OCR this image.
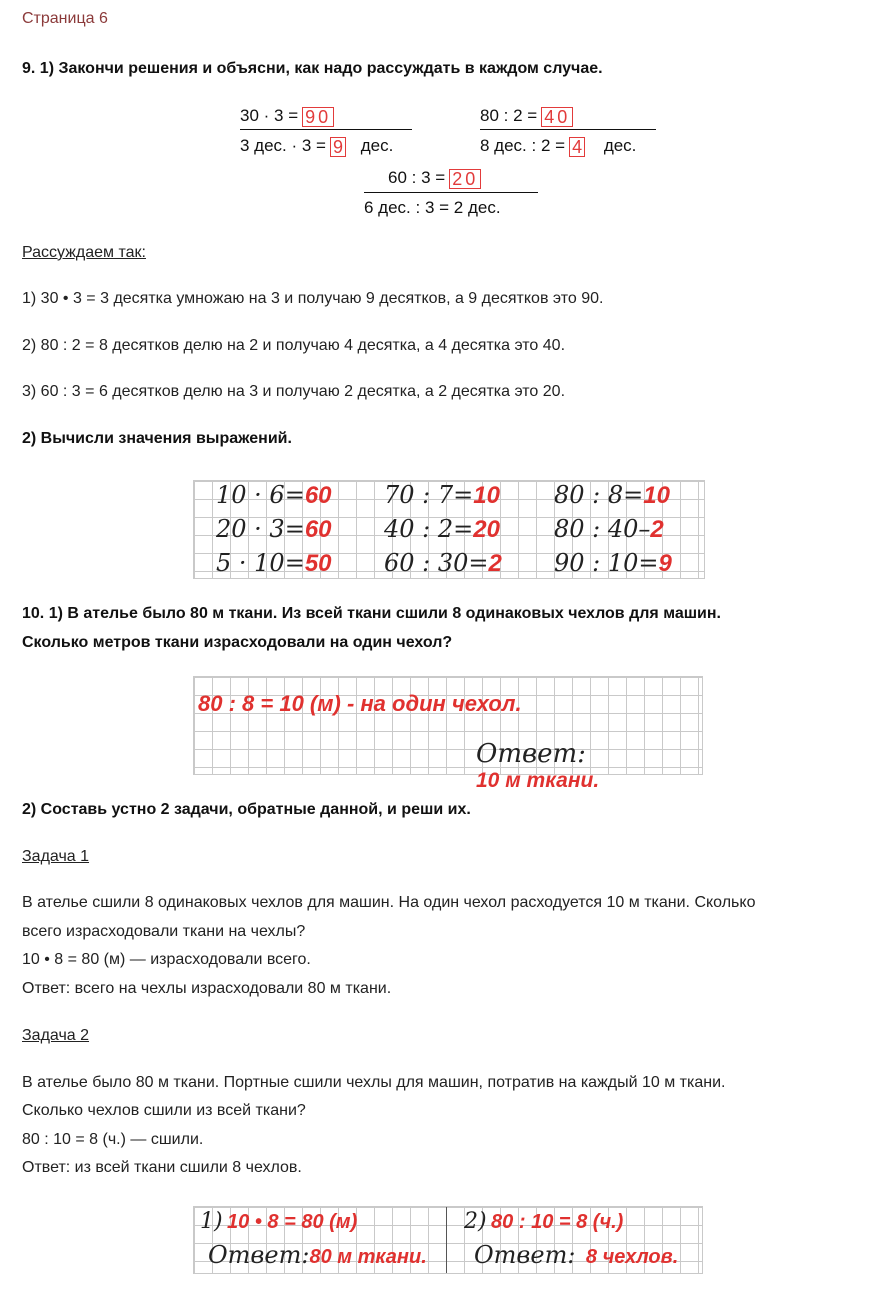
Страница 6
9. 1) Закончи решения и объясни, как надо рассуждать в каждом случае.
30 · 3 = 90
3 дес. · 3 = 9 дес.
80 : 2 = 40
8 дес. : 2 = 4 дес.
60 : 3 = 20
6 дес. : 3 = 2 дес.
Рассуждаем так:
1) 30 • 3 = 3 десятка умножаю на 3 и получаю 9 десятков, а 9 десятков это 90.
2) 80 : 2 = 8 десятков делю на 2 и получаю 4 десятка, а 4 десятка это 40.
3) 60 : 3 = 6 десятков делю на 3 и получаю 2 десятка, а 2 десятка это 20.
2) Вычисли значения выражений.
10 · 6=60
20 · 3=60
5 · 10=50
70 : 7=10
40 : 2=20
60 : 30=2
80 : 8=10
80 : 40–2
90 : 10=9
10. 1) В ателье было 80 м ткани. Из всей ткани сшили 8 одинаковых чехлов для машин.
Сколько метров ткани израсходовали на один чехол?
80 : 8 = 10 (м) - на один чехол.
Ответ: 10 м ткани.
2) Составь устно 2 задачи, обратные данной, и реши их.
Задача 1
В ателье сшили 8 одинаковых чехлов для машин. На один чехол расходуется 10 м ткани. Сколько
всего израсходовали ткани на чехлы?
10 • 8 = 80 (м) — израсходовали всего.
Ответ: всего на чехлы израсходовали 80 м ткани.
Задача 2
В ателье было 80 м ткани. Портные сшили чехлы для машин, потратив на каждый 10 м ткани.
Сколько чехлов сшили из всей ткани?
80 : 10 = 8 (ч.) — сшили.
Ответ: из всей ткани сшили 8 чехлов.
1) 10 • 8 = 80 (м)
Ответ:80 м ткани.
2) 80 : 10 = 8 (ч.)
Ответ: 8 чехлов.
